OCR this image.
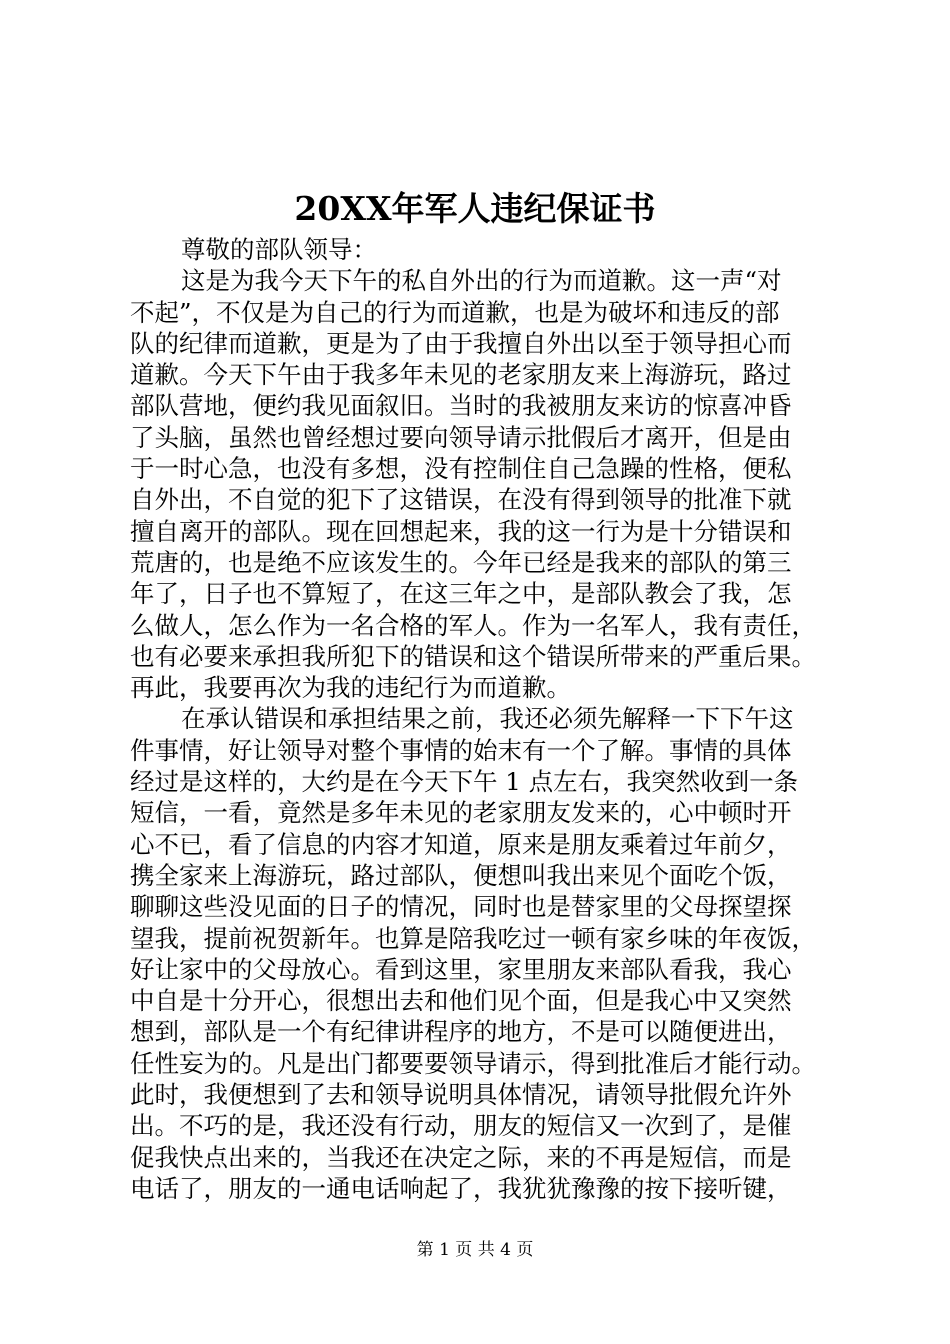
20XX年军人违纪保证书
尊敬的部队领导：
这是为我今天下午的私自外出的行为而道歉。这一声“对
不起”，不仅是为自己的行为而道歉，也是为破坏和违反的部
队的纪律而道歉，更是为了由于我擅自外出以至于领导担心而
道歉。今天下午由于我多年未见的老家朋友来上海游玩，路过
部队营地，便约我见面叙旧。当时的我被朋友来访的惊喜冲昏
了头脑，虽然也曾经想过要向领导请示批假后才离开，但是由
于一时心急，也没有多想，没有控制住自己急躁的性格，便私
自外出，不自觉的犯下了这错误，在没有得到领导的批准下就
擅自离开的部队。现在回想起来，我的这一行为是十分错误和
荒唐的，也是绝不应该发生的。今年已经是我来的部队的第三
年了，日子也不算短了，在这三年之中，是部队教会了我，怎
么做人，怎么作为一名合格的军人。作为一名军人，我有责任，
也有必要来承担我所犯下的错误和这个错误所带来的严重后果。
再此，我要再次为我的违纪行为而道歉。
在承认错误和承担结果之前，我还必须先解释一下下午这
件事情，好让领导对整个事情的始末有一个了解。事情的具体
经过是这样的，大约是在今天下午 1 点左右，我突然收到一条
短信，一看，竟然是多年未见的老家朋友发来的，心中顿时开
心不已，看了信息的内容才知道，原来是朋友乘着过年前夕，
携全家来上海游玩，路过部队，便想叫我出来见个面吃个饭，
聊聊这些没见面的日子的情况，同时也是替家里的父母探望探
望我，提前祝贺新年。也算是陪我吃过一顿有家乡味的年夜饭，
好让家中的父母放心。看到这里，家里朋友来部队看我，我心
中自是十分开心，很想出去和他们见个面，但是我心中又突然
想到，部队是一个有纪律讲程序的地方，不是可以随便进出，
任性妄为的。凡是出门都要要领导请示，得到批准后才能行动。
此时，我便想到了去和领导说明具体情况，请领导批假允许外
出。不巧的是，我还没有行动，朋友的短信又一次到了，是催
促我快点出来的，当我还在决定之际，来的不再是短信，而是
电话了，朋友的一通电话响起了，我犹犹豫豫的按下接听键，
第 1 页 共 4 页
